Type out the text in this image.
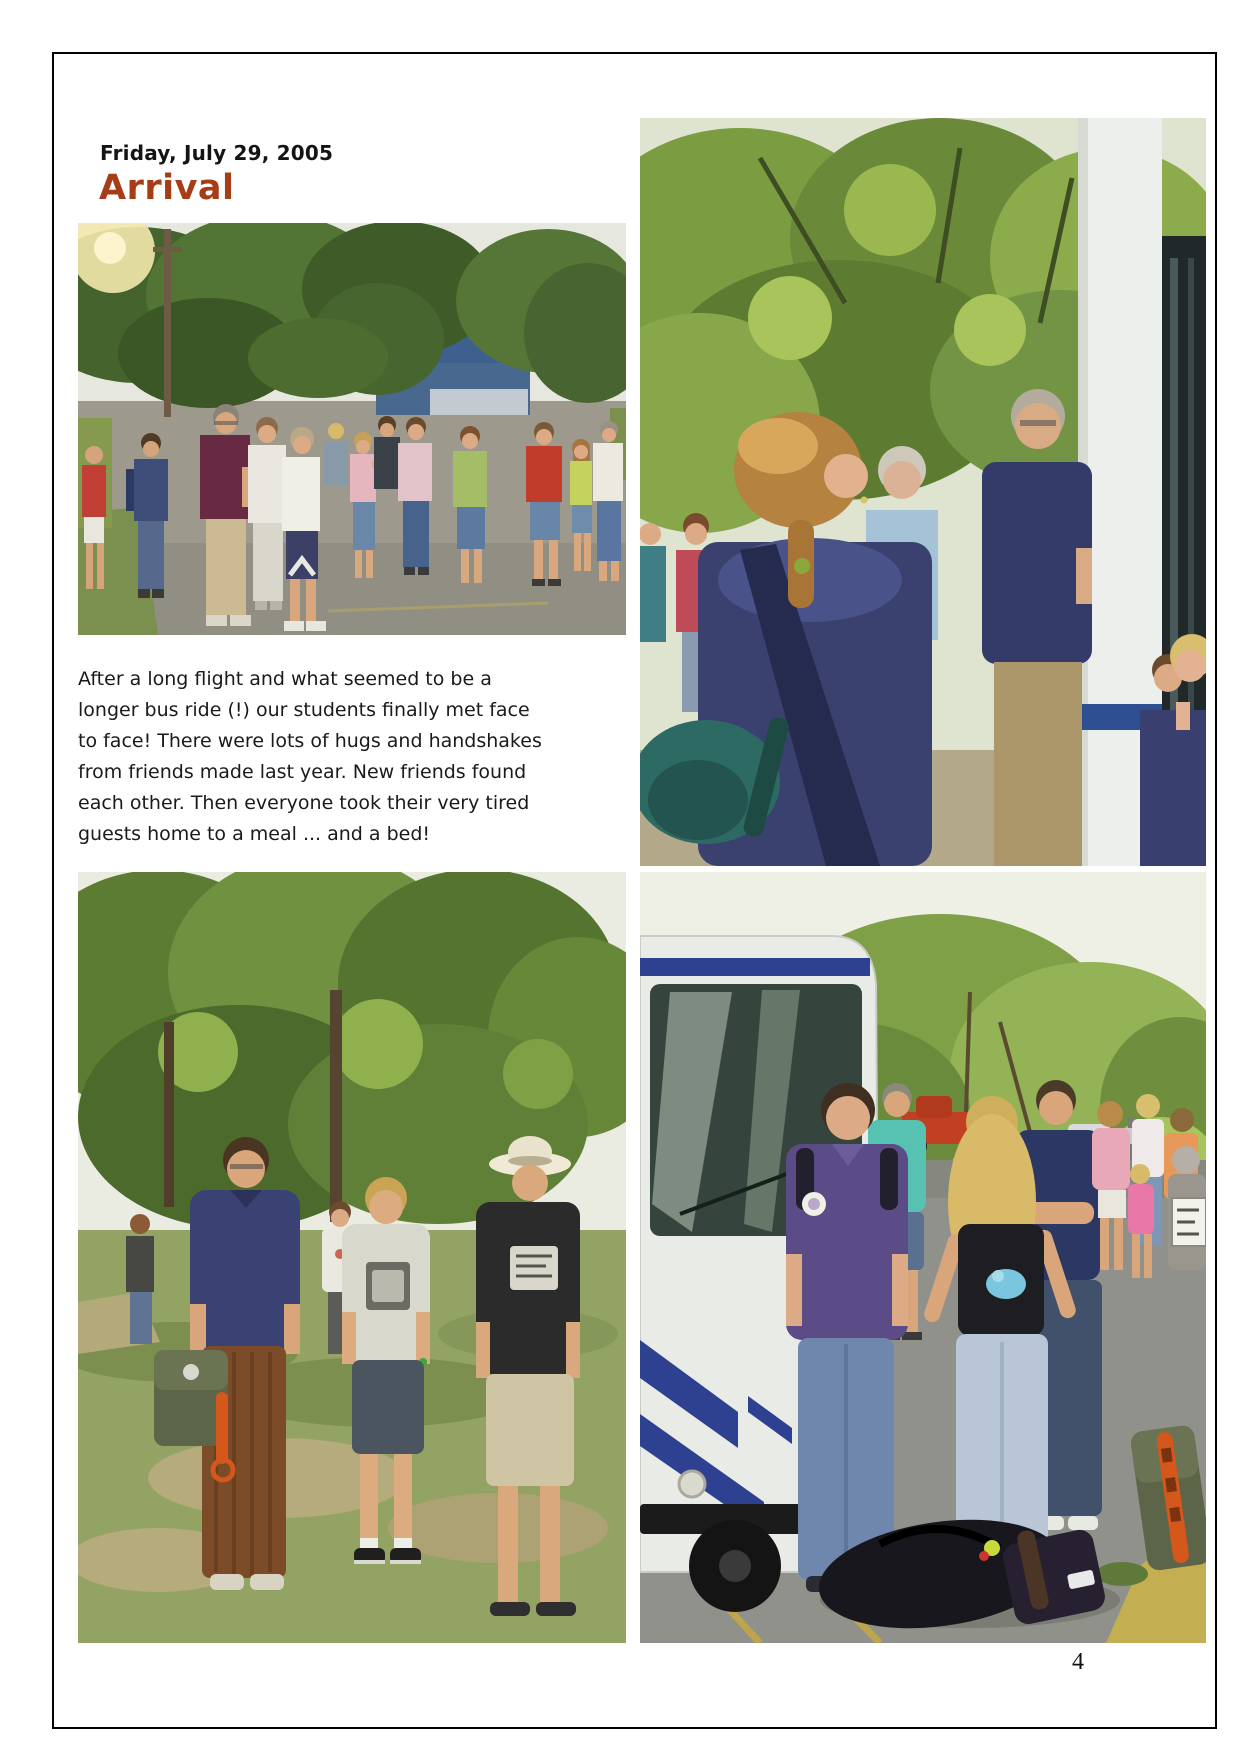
Friday, July 29, 2005
Arrival
After a long flight and what seemed to be a
longer bus ride (!) our students finally met face
to face! There were lots of hugs and handshakes
from friends made last year. New friends found
each other. Then everyone took their very tired
guests home to a meal ... and a bed!
4
